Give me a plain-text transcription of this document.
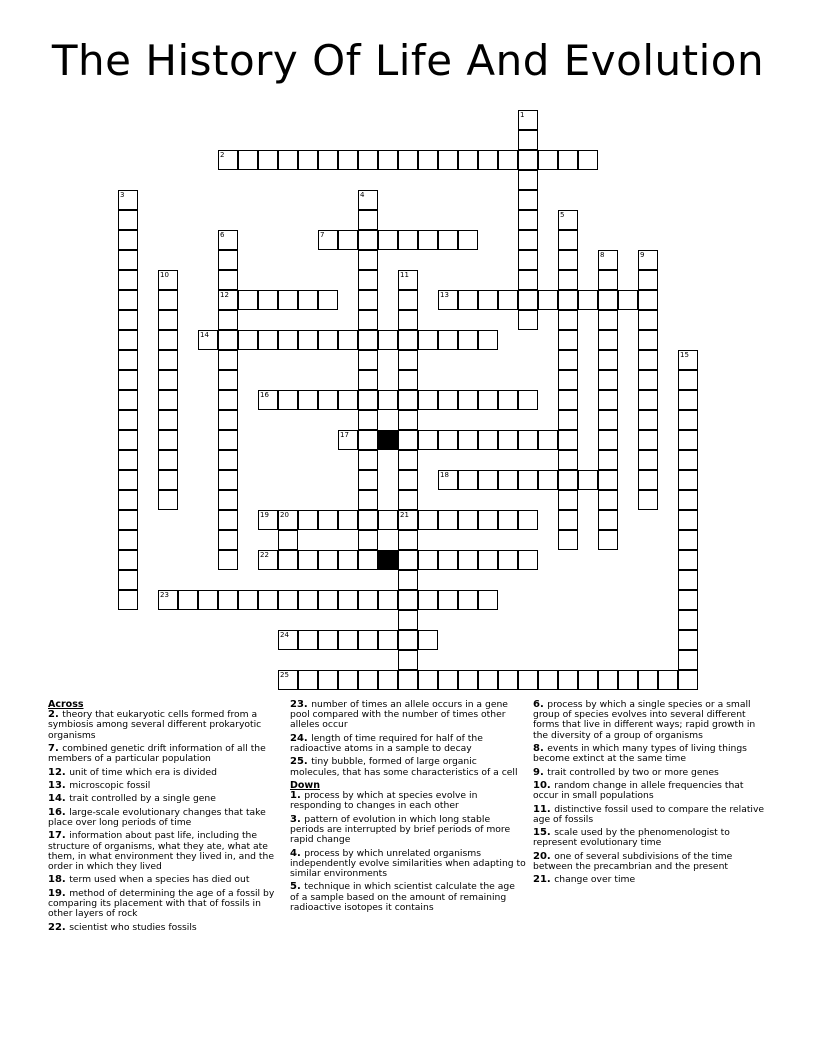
The History Of Life And Evolution
1
2
3	4
5
6
12
7
8	9
10	11
21
13
14
15
16
17
18
19 20
22
23
24
25
Across
2. theory that eukaryotic cells formed from a symbiosis among several different prokaryotic organisms
7. combined genetic drift information of all the members of a particular population
12. unit of time which era is divided
13. microscopic fossil
14. trait controlled by a single gene
16. large-scale evolutionary changes that take place over long periods of time
17. information about past life, including the structure of organisms, what they ate, what ate them, in what environment they lived in, and the order in which they lived
18. term used when a species has died out
19. method of determining the age of a fossil by comparing its placement with that of fossils in other layers of rock
22. scientist who studies fossils
23. number of times an allele occurs in a gene pool compared with the number of times other alleles occur
24. length of time required for half of the radioactive atoms in a sample to decay
25. tiny bubble, formed of large organic molecules, that has some characteristics of a cell
Down
1. process by which at species evolve in responding to changes in each other
3. pattern of evolution in which long stable periods are interrupted by brief periods of more rapid change
4. process by which unrelated organisms independently evolve similarities when adapting to similar environments
5. technique in which scientist calculate the age of a sample based on the amount of remaining radioactive isotopes it contains
6. process by which a single species or a small group of species evolves into several different forms that live in different ways; rapid growth in the diversity of a group of organisms
8. events in which many types of living things become extinct at the same time
9. trait controlled by two or more genes
10. random change in allele frequencies that occur in small populations
11. distinctive fossil used to compare the relative age of fossils
15. scale used by the phenomenologist to represent evolutionary time
20. one of several subdivisions of the time between the precambrian and the present
21. change over time
